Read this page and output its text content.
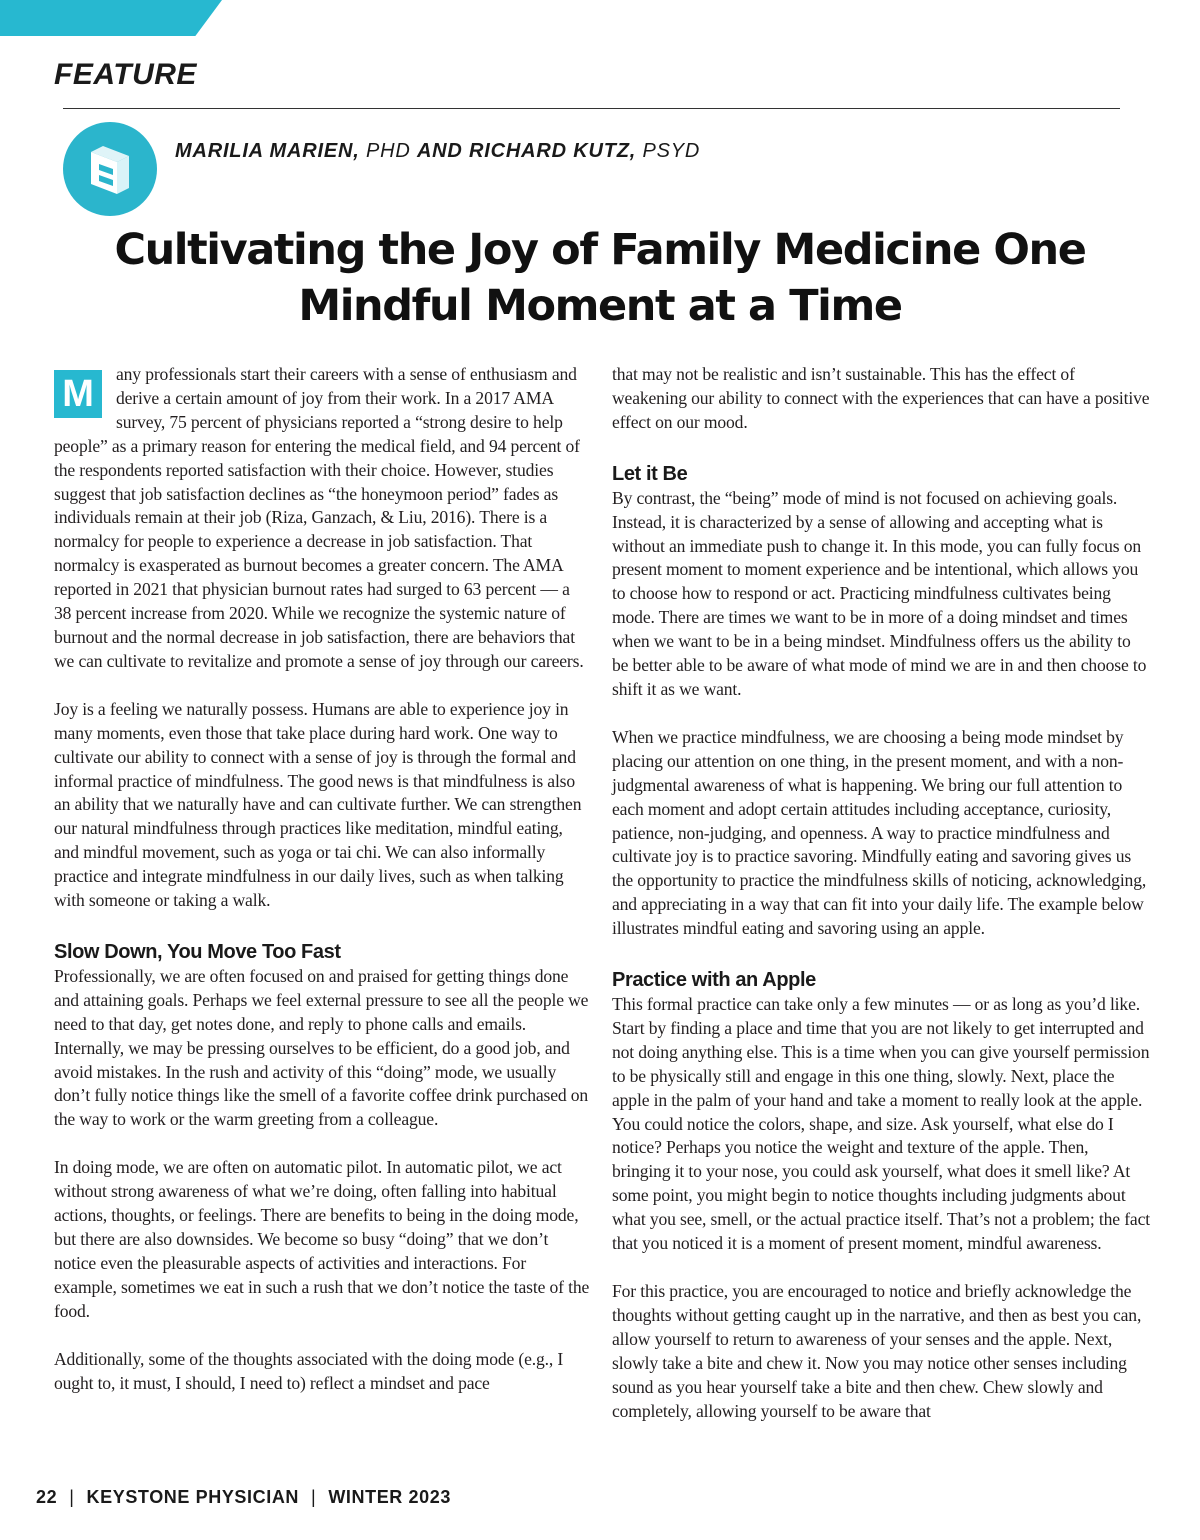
FEATURE
MARILIA MARIEN, PHD AND RICHARD KUTZ, PSYD
Cultivating the Joy of Family Medicine One Mindful Moment at a Time

M	any professionals start their careers with a sense of enthusiasm and derive a certain amount of joy from their work. In a 2017 AMA survey, 75 percent of physicians reported a “strong desire to help people” as a primary reason for entering the medical field, and 94 percent of the respondents reported satisfaction with their choice. However, studies suggest that job satisfaction declines as “the honeymoon period” fades as individuals remain at their job (Riza, Ganzach, & Liu, 2016). There is a normalcy for people to experience a decrease in job satisfaction. That normalcy is exasperated as burnout becomes a greater concern. The AMA reported in 2021 that physician burnout rates had surged to 63 percent — a 38 percent increase from 2020. While we recognize the systemic nature of burnout and the normal decrease in job satisfaction, there are behaviors that we can cultivate to revitalize and promote a sense of joy through our careers.

Joy is a feeling we naturally possess. Humans are able to experience joy in many moments, even those that take place during hard work. One way to cultivate our ability to connect with a sense of joy is through the formal and informal practice of mindfulness. The good news is that mindfulness is also an ability that we naturally have and can cultivate further. We can strengthen our natural mindfulness through practices like meditation, mindful eating, and mindful movement, such as yoga or tai chi. We can also informally practice and integrate mindfulness in our daily lives, such as when talking with someone or taking a walk.

Slow Down, You Move Too Fast

Professionally, we are often focused on and praised for getting things done and attaining goals. Perhaps we feel external pressure to see all the people we need to that day, get notes done, and reply to phone calls and emails. Internally, we may be pressing ourselves to be efficient, do a good job, and avoid mistakes. In the rush and activity of this “doing” mode, we usually don’t fully notice things like the smell of a favorite coffee drink purchased on the way to work or the warm greeting from a colleague.

In doing mode, we are often on automatic pilot. In automatic pilot, we act without strong awareness of what we’re doing, often falling into habitual actions, thoughts, or feelings. There are benefits to being in the doing mode, but there are also downsides. We become so busy “doing” that we don’t notice even the pleasurable aspects of activities and interactions. For example, sometimes we eat in such a rush that we don’t notice the taste of the food.

Additionally, some of the thoughts associated with the doing mode (e.g., I ought to, it must, I should, I need to) reflect a mindset and pace

that may not be realistic and isn’t sustainable. This has the effect of weakening our ability to connect with the experiences that can have a positive effect on our mood.

Let it Be

By contrast, the “being” mode of mind is not focused on achieving goals. Instead, it is characterized by a sense of allowing and accepting what is without an immediate push to change it. In this mode, you can fully focus on present moment to moment experience and be intentional, which allows you to choose how to respond or act. Practicing mindfulness cultivates being mode. There are times we want to be in more of a doing mindset and times when we want to be in a being mindset. Mindfulness offers us the ability to be better able to be aware of what mode of mind we are in and then choose to shift it as we want.

When we practice mindfulness, we are choosing a being mode mindset by placing our attention on one thing, in the present moment, and with a non-judgmental awareness of what is happening. We bring our full attention to each moment and adopt certain attitudes including acceptance, curiosity, patience, non-judging, and openness. A way to practice mindfulness and cultivate joy is to practice savoring. Mindfully eating and savoring gives us the opportunity to practice the mindfulness skills of noticing, acknowledging, and appreciating in a way that can fit into your daily life. The example below illustrates mindful eating and savoring using an apple.

Practice with an Apple

This formal practice can take only a few minutes — or as long as you’d like. Start by finding a place and time that you are not likely to get interrupted and not doing anything else. This is a time when you can give yourself permission to be physically still and engage in this one thing, slowly. Next, place the apple in the palm of your hand and take a moment to really look at the apple. You could notice the colors, shape, and size. Ask yourself, what else do I notice? Perhaps you notice the weight and texture of the apple. Then, bringing it to your nose, you could ask yourself, what does it smell like? At some point, you might begin to notice thoughts including judgments about what you see, smell, or the actual practice itself. That’s not a problem; the fact that you noticed it is a moment of present moment, mindful awareness.

For this practice, you are encouraged to notice and briefly acknowledge the thoughts without getting caught up in the narrative, and then as best you can, allow yourself to return to awareness of your senses and the apple. Next, slowly take a bite and chew it. Now you may notice other senses including sound as you hear yourself take a bite and then chew. Chew slowly and completely, allowing yourself to be aware that

22 | KEYSTONE PHYSICIAN | WINTER 2023
